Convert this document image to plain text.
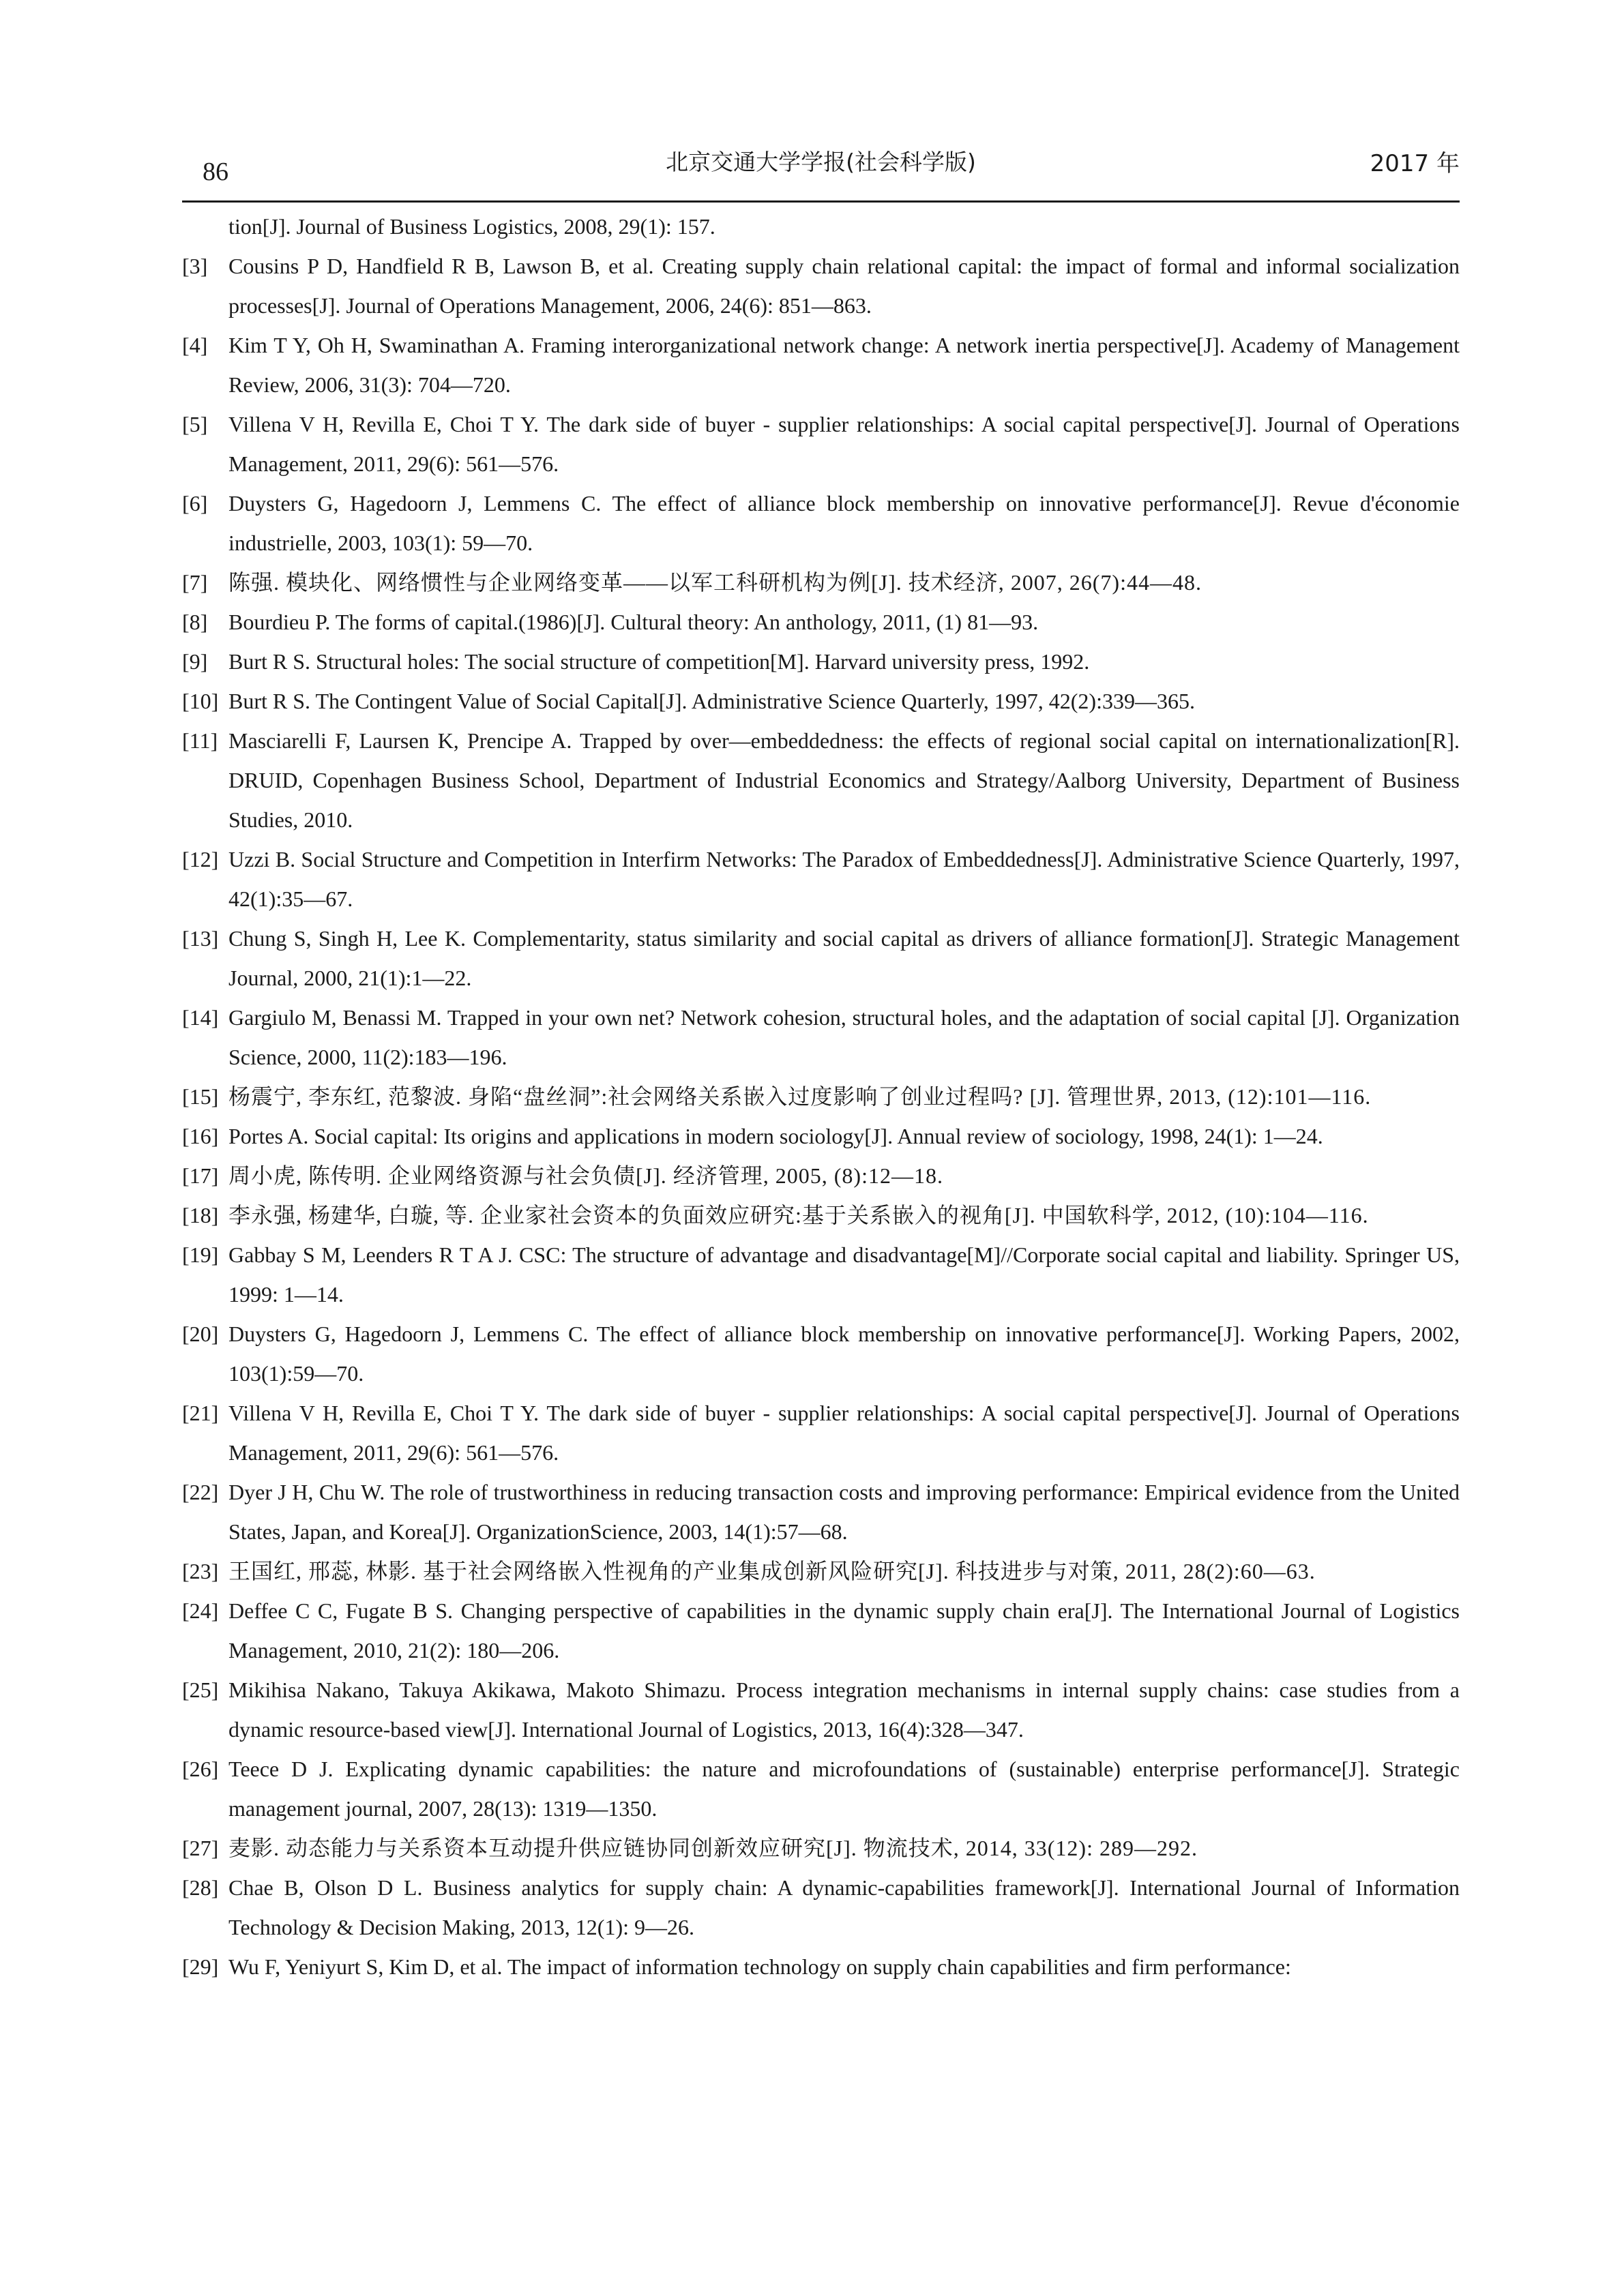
86	北京交通大学学报(社会科学版)	2017 年
tion[J]. Journal of Business Logistics, 2008, 29(1): 157.
[3] Cousins P D, Handfield R B, Lawson B, et al. Creating supply chain relational capital: the impact of formal and informal socialization processes[J]. Journal of Operations Management, 2006, 24(6): 851—863.
[4] Kim T Y, Oh H, Swaminathan A. Framing interorganizational network change: A network inertia perspective[J]. Academy of Management Review, 2006, 31(3): 704—720.
[5] Villena V H, Revilla E, Choi T Y. The dark side of buyer - supplier relationships: A social capital perspective[J]. Journal of Operations Management, 2011, 29(6): 561—576.
[6] Duysters G, Hagedoorn J, Lemmens C. The effect of alliance block membership on innovative performance[J]. Revue d'économie industrielle, 2003, 103(1): 59—70.
[7] 陈强. 模块化、网络惯性与企业网络变革——以军工科研机构为例[J]. 技术经济, 2007, 26(7):44—48.
[8] Bourdieu P. The forms of capital.(1986)[J]. Cultural theory: An anthology, 2011, (1) 81—93.
[9] Burt R S. Structural holes: The social structure of competition[M]. Harvard university press, 1992.
[10] Burt R S. The Contingent Value of Social Capital[J]. Administrative Science Quarterly, 1997, 42(2):339—365.
[11] Masciarelli F, Laursen K, Prencipe A. Trapped by over—embeddedness: the effects of regional social capital on internationalization[R]. DRUID, Copenhagen Business School, Department of Industrial Economics and Strategy/Aalborg University, Department of Business Studies, 2010.
[12] Uzzi B. Social Structure and Competition in Interfirm Networks: The Paradox of Embeddedness[J]. Administrative Science Quarterly, 1997, 42(1):35—67.
[13] Chung S, Singh H, Lee K. Complementarity, status similarity and social capital as drivers of alliance formation[J]. Strategic Management Journal, 2000, 21(1):1—22.
[14] Gargiulo M, Benassi M. Trapped in your own net? Network cohesion, structural holes, and the adaptation of social capital [J]. Organization Science, 2000, 11(2):183—196.
[15] 杨震宁, 李东红, 范黎波. 身陷“盘丝洞”:社会网络关系嵌入过度影响了创业过程吗? [J]. 管理世界, 2013, (12):101—116.
[16] Portes A. Social capital: Its origins and applications in modern sociology[J]. Annual review of sociology, 1998, 24(1): 1—24.
[17] 周小虎, 陈传明. 企业网络资源与社会负债[J]. 经济管理, 2005, (8):12—18.
[18] 李永强, 杨建华, 白璇, 等. 企业家社会资本的负面效应研究:基于关系嵌入的视角[J]. 中国软科学, 2012, (10):104—116.
[19] Gabbay S M, Leenders R T A J. CSC: The structure of advantage and disadvantage[M]//Corporate social capital and liability. Springer US, 1999: 1—14.
[20] Duysters G, Hagedoorn J, Lemmens C. The effect of alliance block membership on innovative performance[J]. Working Papers, 2002, 103(1):59—70.
[21] Villena V H, Revilla E, Choi T Y. The dark side of buyer - supplier relationships: A social capital perspective[J]. Journal of Operations Management, 2011, 29(6): 561—576.
[22] Dyer J H, Chu W. The role of trustworthiness in reducing transaction costs and improving performance: Empirical evidence from the United States, Japan, and Korea[J]. OrganizationScience, 2003, 14(1):57—68.
[23] 王国红, 邢蕊, 林影. 基于社会网络嵌入性视角的产业集成创新风险研究[J]. 科技进步与对策, 2011, 28(2):60—63.
[24] Deffee C C, Fugate B S. Changing perspective of capabilities in the dynamic supply chain era[J]. The International Journal of Logistics Management, 2010, 21(2): 180—206.
[25] Mikihisa Nakano, Takuya Akikawa, Makoto Shimazu. Process integration mechanisms in internal supply chains: case studies from a dynamic resource-based view[J]. International Journal of Logistics, 2013, 16(4):328—347.
[26] Teece D J. Explicating dynamic capabilities: the nature and microfoundations of (sustainable) enterprise performance[J]. Strategic management journal, 2007, 28(13): 1319—1350.
[27] 麦影. 动态能力与关系资本互动提升供应链协同创新效应研究[J]. 物流技术, 2014, 33(12): 289—292.
[28] Chae B, Olson D L. Business analytics for supply chain: A dynamic-capabilities framework[J]. International Journal of Information Technology & Decision Making, 2013, 12(1): 9—26.
[29] Wu F, Yeniyurt S, Kim D, et al. The impact of information technology on supply chain capabilities and firm performance:
